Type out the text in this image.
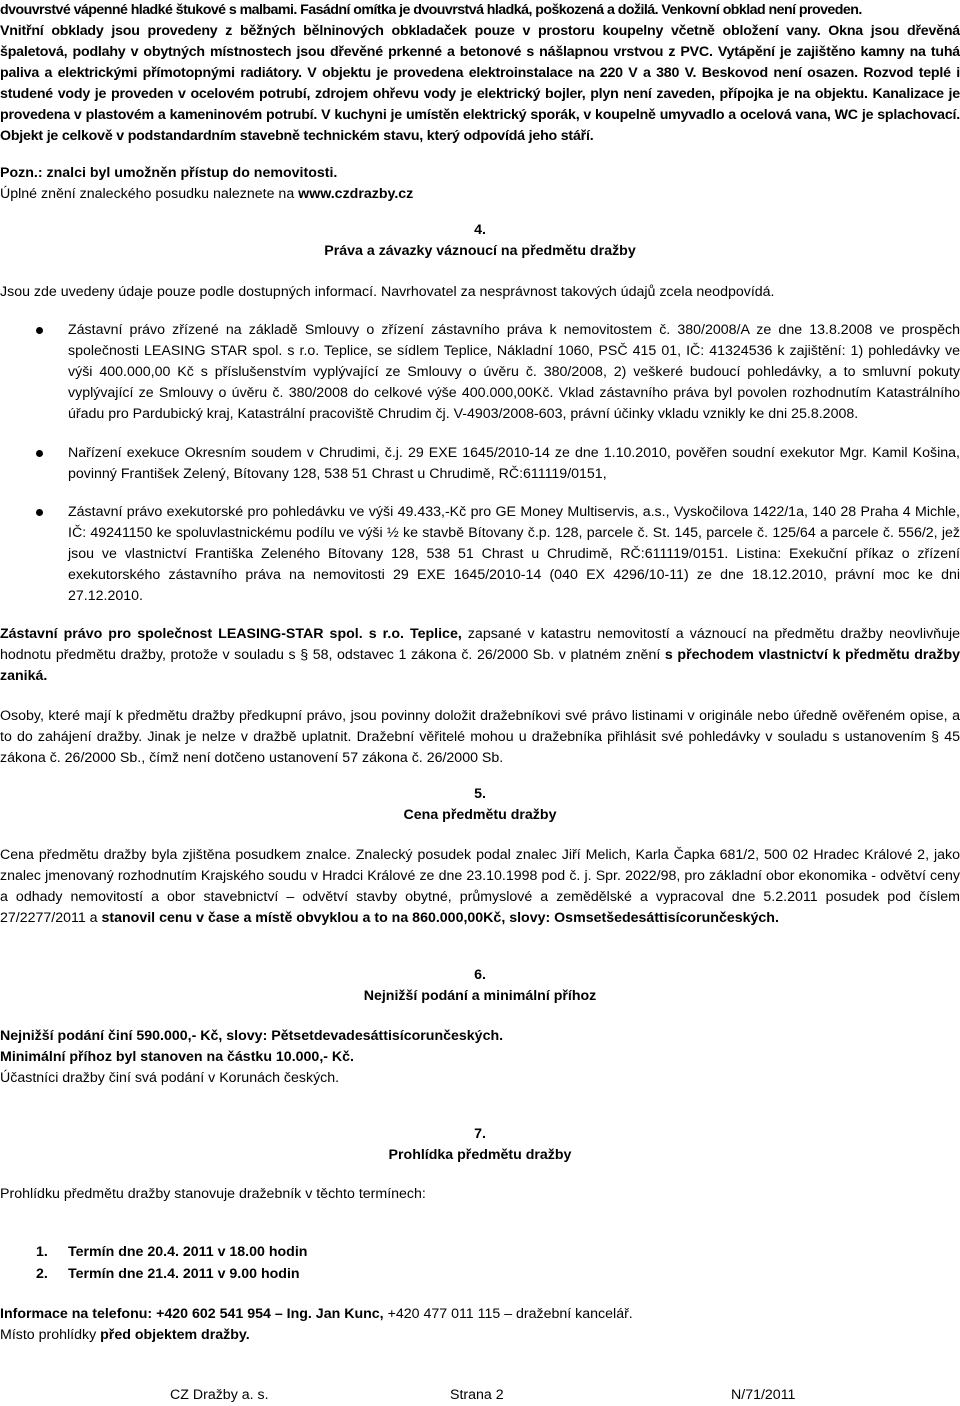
dvouvrstvé vápenné hladké štukové s malbami. Fasádní omítka je dvouvrstvá hladká, poškozená a dožilá. Venkovní obklad není proveden.

Vnitřní obklady jsou provedeny z běžných bělninových obkladaček pouze v prostoru koupelny včetně obložení vany. Okna jsou dřevěná špaletová, podlahy v obytných místnostech jsou dřevěné prkenné a betonové s nášlapnou vrstvou z PVC. Vytápění je zajištěno kamny na tuhá paliva a elektrickými přímotopnými radiátory. V objektu je provedena elektroinstalace na 220 V a 380 V. Beskovod není osazen. Rozvod teplé i studené vody je proveden v ocelovém potrubí, zdrojem ohřevu vody je elektrický bojler, plyn není zaveden, přípojka je na objektu. Kanalizace je provedena v plastovém a kameninovém potrubí. V kuchyni je umístěn elektrický sporák, v koupelně umyvadlo a ocelová vana, WC je splachovací. Objekt je celkově v podstandardním stavebně technickém stavu, který odpovídá jeho stáří.

Pozn.: znalci byl umožněn přístup do nemovitosti.

Úplné znění znaleckého posudku naleznete na www.czdrazby.cz

4.

Práva a závazky váznoucí na předmětu dražby

Jsou zde uvedeny údaje pouze podle dostupných informací. Navrhovatel za nesprávnost takových údajů zcela neodpovídá.

Zástavní právo zřízené na základě Smlouvy o zřízení zástavního práva k nemovitostem č. 380/2008/A ze dne 13.8.2008 ve prospěch společnosti LEASING STAR spol. s r.o. Teplice, se sídlem Teplice, Nákladní 1060, PSČ 415 01, IČ: 41324536 k zajištění: 1) pohledávky ve výši 400.000,00 Kč s příslušenstvím vyplývající ze Smlouvy o úvěru č. 380/2008, 2) veškeré budoucí pohledávky, a to smluvní pokuty vyplývající ze Smlouvy o úvěru č. 380/2008 do celkové výše 400.000,00Kč. Vklad zástavního práva byl povolen rozhodnutím Katastrálního úřadu pro Pardubický kraj, Katastrální pracoviště Chrudim čj. V-4903/2008-603, právní účinky vkladu vznikly ke dni 25.8.2008.

Nařízení exekuce Okresním soudem v Chrudimi, č.j. 29 EXE 1645/2010-14 ze dne 1.10.2010, pověřen soudní exekutor Mgr. Kamil Košina, povinný František Zelený, Bítovany 128, 538 51 Chrast u Chrudimě, RČ:611119/0151,

Zástavní právo exekutorské pro pohledávku ve výši 49.433,-Kč pro GE Money Multiservis, a.s., Vyskočilova 1422/1a, 140 28 Praha 4 Michle, IČ: 49241150 ke spoluvlastnickému podílu ve výši ½ ke stavbě Bítovany č.p. 128, parcele č. St. 145, parcele č. 125/64 a parcele č. 556/2, jež jsou ve vlastnictví Františka Zeleného Bítovany 128, 538 51 Chrast u Chrudimě, RČ:611119/0151. Listina: Exekuční příkaz o zřízení exekutorského zástavního práva na nemovitosti 29 EXE 1645/2010-14 (040 EX 4296/10-11) ze dne 18.12.2010, právní moc ke dni 27.12.2010.

Zástavní právo pro společnost LEASING-STAR spol. s r.o. Teplice, zapsané v katastru nemovitostí a váznoucí na předmětu dražby neovlivňuje hodnotu předmětu dražby, protože v souladu s § 58, odstavec 1 zákona č. 26/2000 Sb. v platném znění s přechodem vlastnictví k předmětu dražby zaniká.

Osoby, které mají k předmětu dražby předkupní právo, jsou povinny doložit dražebníkovi své právo listinami v originále nebo úředně ověřeném opise, a to do zahájení dražby. Jinak je nelze v dražbě uplatnit. Dražební věřitelé mohou u dražebníka přihlásit své pohledávky v souladu s ustanovením § 45 zákona č. 26/2000 Sb., čímž není dotčeno ustanovení 57 zákona č. 26/2000 Sb.

5.

Cena předmětu dražby

Cena předmětu dražby byla zjištěna posudkem znalce. Znalecký posudek podal znalec Jiří Melich, Karla Čapka 681/2, 500 02 Hradec Králové 2, jako znalec jmenovaný rozhodnutím Krajského soudu v Hradci Králové ze dne 23.10.1998 pod č. j. Spr. 2022/98, pro základní obor ekonomika - odvětví ceny a odhady nemovitostí a obor stavebnictví – odvětví stavby obytné, průmyslové a zemědělské a vypracoval dne 5.2.2011 posudek pod číslem 27/2277/2011 a stanovil cenu v čase a místě obvyklou a to na 860.000,00Kč, slovy: Osmsetšedesáttisícorunčeských.

6.

Nejnižší podání a minimální příhoz

Nejnižší podání činí 590.000,- Kč, slovy: Pětsetdevadesáttisícorunčeských.

Minimální příhoz byl stanoven na částku 10.000,- Kč.

Účastníci dražby činí svá podání v Korunách českých.

7.

Prohlídka předmětu dražby

Prohlídku předmětu dražby stanovuje dražebník v těchto termínech:

1. Termín dne 20.4. 2011 v 18.00 hodin
2. Termín dne 21.4. 2011 v 9.00 hodin

Informace na telefonu: +420 602 541 954 – Ing. Jan Kunc, +420 477 011 115 – dražební kancelář.

Místo prohlídky před objektem dražby.

CZ Dražby a. s.	Strana 2	N/71/2011
